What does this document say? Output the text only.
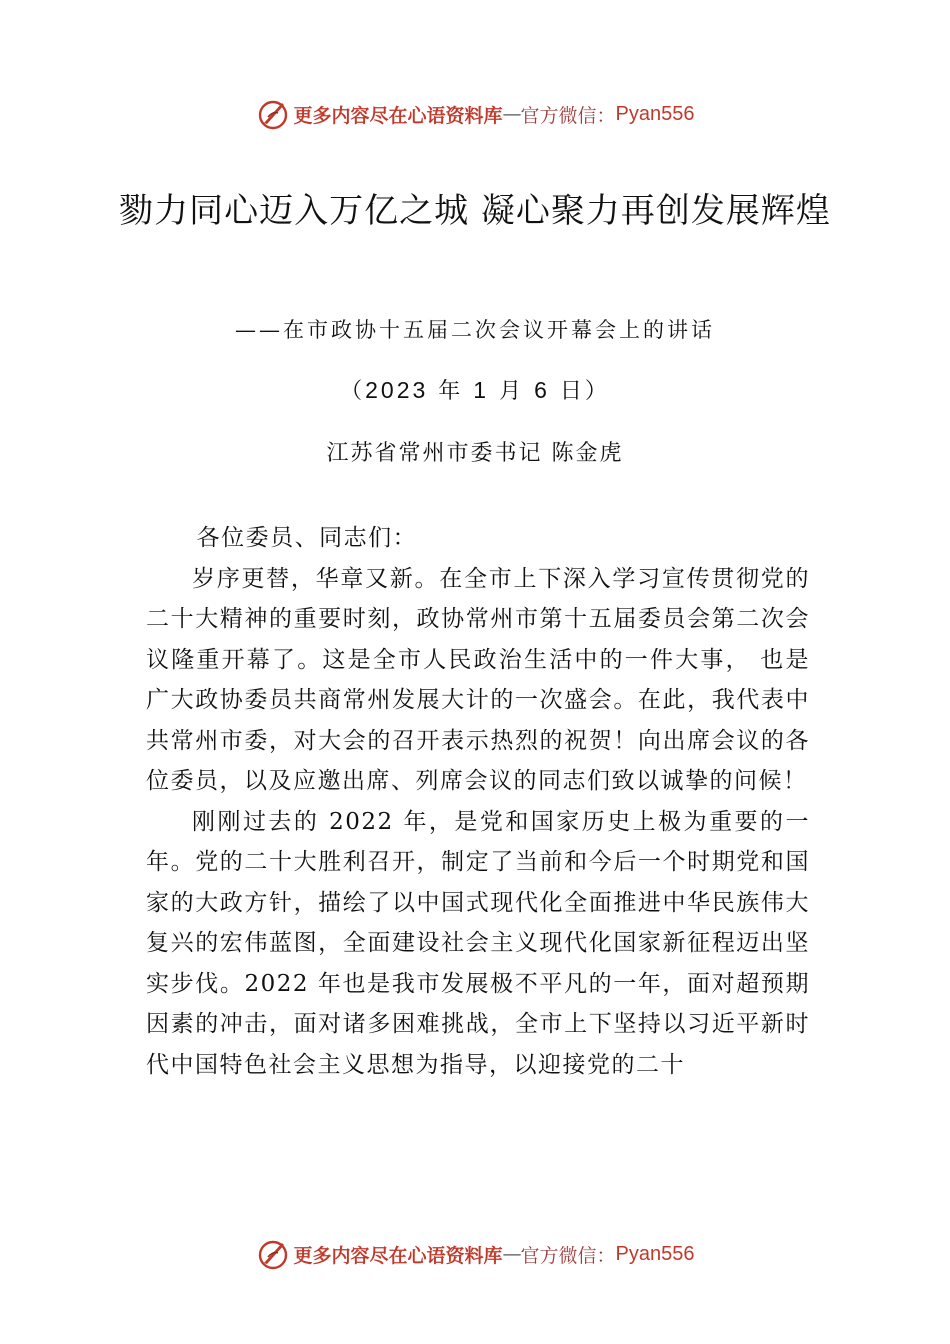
更多内容尽在心语资料库 — 官方微信： Pyan556
勠力同心迈入万亿之城 凝心聚力再创发展辉煌
——在市政协十五届二次会议开幕会上的讲话
（2023 年 1 月 6 日）
江苏省常州市委书记 陈金虎

各位委员、同志们：

岁序更替，华章又新。在全市上下深入学习宣传贯彻党的二十大精神的重要时刻，政协常州市第十五届委员会第二次会议隆重开幕了。这是全市人民政治生活中的一件大事， 也是广大政协委员共商常州发展大计的一次盛会。在此，我代表中共常州市委，对大会的召开表示热烈的祝贺！向出席会议的各位委员，以及应邀出席、列席会议的同志们致以诚挚的问候！

刚刚过去的 2022 年，是党和国家历史上极为重要的一年。党的二十大胜利召开，制定了当前和今后一个时期党和国家的大政方针，描绘了以中国式现代化全面推进中华民族伟大复兴的宏伟蓝图，全面建设社会主义现代化国家新征程迈出坚实步伐。2022 年也是我市发展极不平凡的一年，面对超预期因素的冲击，面对诸多困难挑战，全市上下坚持以习近平新时代中国特色社会主义思想为指导，以迎接党的二十

更多内容尽在心语资料库 — 官方微信： Pyan556
